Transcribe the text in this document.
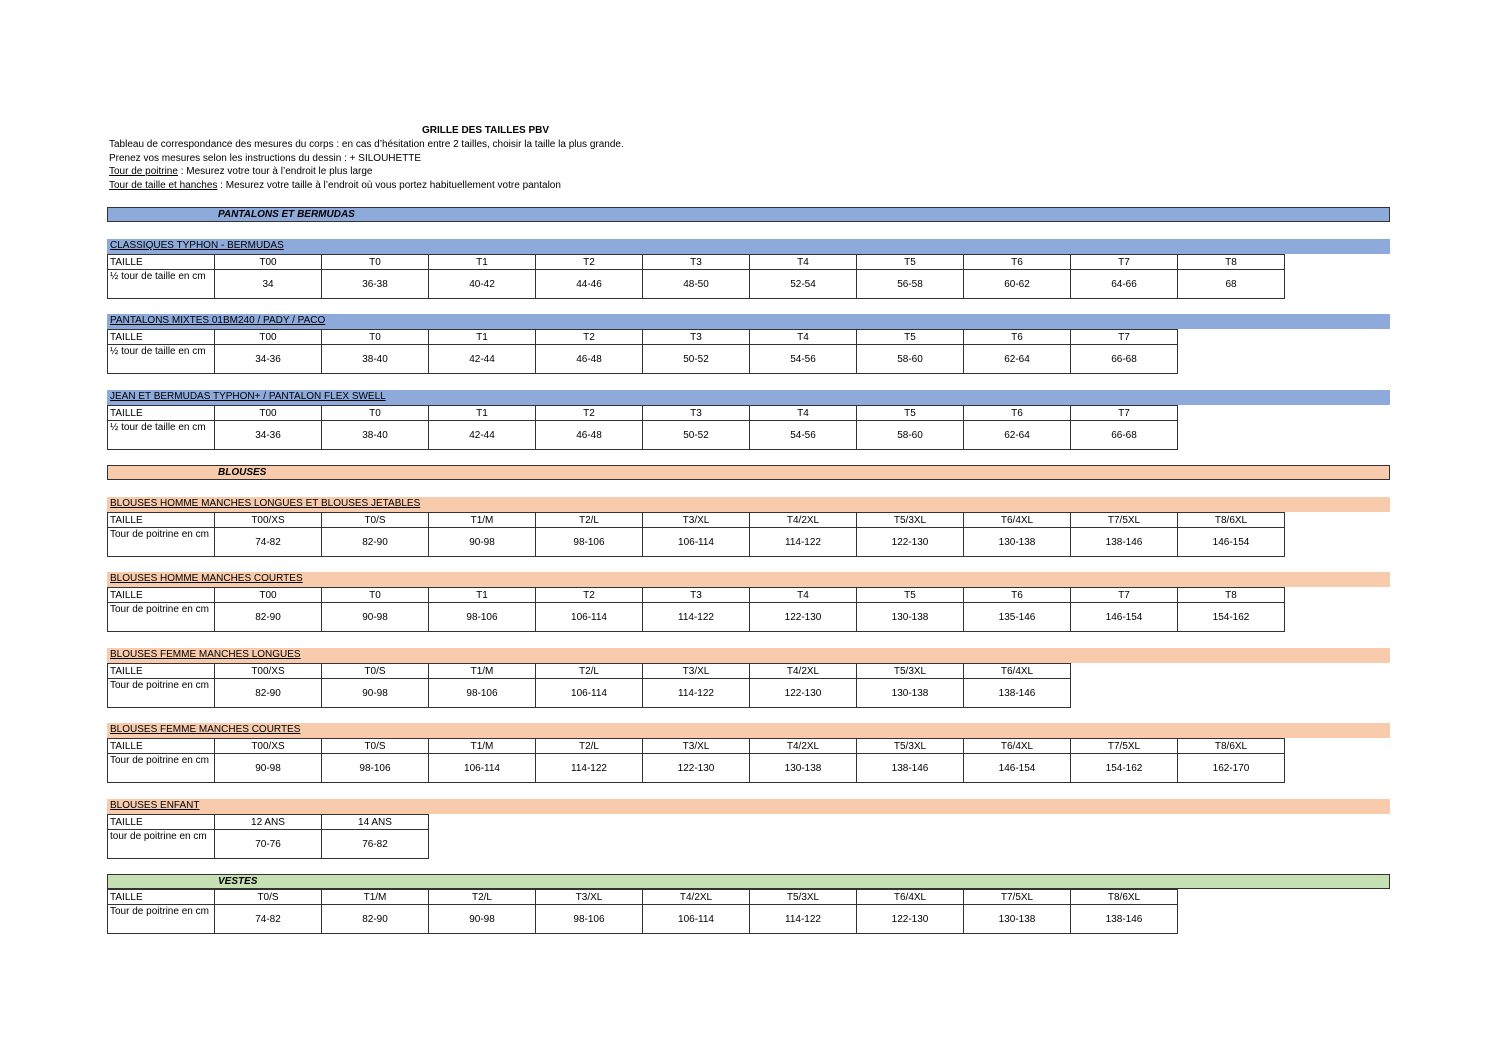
GRILLE DES TAILLES PBV
Tableau de correspondance des mesures du corps : en cas d’hésitation entre 2 tailles, choisir la taille la plus grande.
Prenez vos mesures selon les instructions du dessin : + SILOUHETTE
Tour de poitrine : Mesurez votre tour à l’endroit le plus large
Tour de taille et hanches : Mesurez votre taille à l’endroit où vous portez habituellement votre pantalon
PANTALONS ET BERMUDAS
CLASSIQUES TYPHON - BERMUDAS
TAILLE	T00	T0	T1	T2	T3	T4	T5	T6	T7	T8
½ tour de taille en cm	34	36-38	40-42	44-46	48-50	52-54	56-58	60-62	64-66	68
PANTALONS MIXTES 01BM240 / PADY / PACO
TAILLE	T00	T0	T1	T2	T3	T4	T5	T6	T7
½ tour de taille en cm	34-36	38-40	42-44	46-48	50-52	54-56	58-60	62-64	66-68
JEAN ET BERMUDAS TYPHON+ / PANTALON FLEX SWELL
TAILLE	T00	T0	T1	T2	T3	T4	T5	T6	T7
½ tour de taille en cm	34-36	38-40	42-44	46-48	50-52	54-56	58-60	62-64	66-68
BLOUSES
BLOUSES HOMME MANCHES LONGUES ET BLOUSES JETABLES
TAILLE	T00/XS	T0/S	T1/M	T2/L	T3/XL	T4/2XL	T5/3XL	T6/4XL	T7/5XL	T8/6XL
Tour de poitrine en cm	74-82	82-90	90-98	98-106	106-114	114-122	122-130	130-138	138-146	146-154
BLOUSES HOMME MANCHES COURTES
TAILLE	T00	T0	T1	T2	T3	T4	T5	T6	T7	T8
Tour de poitrine en cm	82-90	90-98	98-106	106-114	114-122	122-130	130-138	135-146	146-154	154-162
BLOUSES FEMME MANCHES LONGUES
TAILLE	T00/XS	T0/S	T1/M	T2/L	T3/XL	T4/2XL	T5/3XL	T6/4XL
Tour de poitrine en cm	82-90	90-98	98-106	106-114	114-122	122-130	130-138	138-146
BLOUSES FEMME MANCHES COURTES
TAILLE	T00/XS	T0/S	T1/M	T2/L	T3/XL	T4/2XL	T5/3XL	T6/4XL	T7/5XL	T8/6XL
Tour de poitrine en cm	90-98	98-106	106-114	114-122	122-130	130-138	138-146	146-154	154-162	162-170
BLOUSES ENFANT
TAILLE	12 ANS	14 ANS
tour de poitrine en cm	70-76	76-82
VESTES
TAILLE	T0/S	T1/M	T2/L	T3/XL	T4/2XL	T5/3XL	T6/4XL	T7/5XL	T8/6XL
Tour de poitrine en cm	74-82	82-90	90-98	98-106	106-114	114-122	122-130	130-138	138-146
